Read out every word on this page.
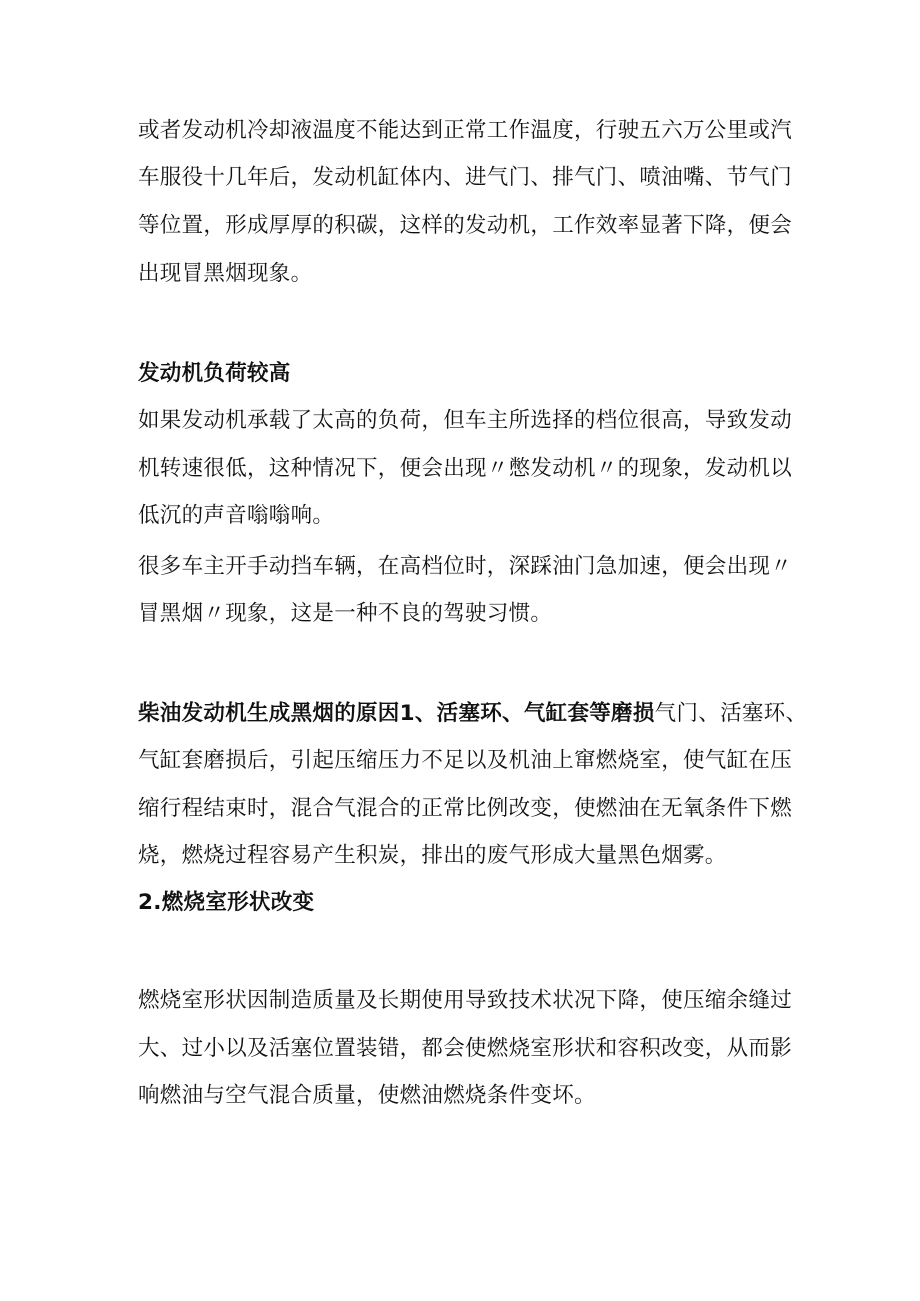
或者发动机冷却液温度不能达到正常工作温度，行驶五六万公里或汽
车服役十几年后，发动机缸体内、进气门、排气门、喷油嘴、节气门
等位置，形成厚厚的积碳，这样的发动机，工作效率显著下降，便会
出现冒黑烟现象。
发动机负荷较高
如果发动机承载了太高的负荷，但车主所选择的档位很高，导致发动
机转速很低，这种情况下，便会出现〃憋发动机〃的现象，发动机以
低沉的声音嗡嗡响。
很多车主开手动挡车辆，在高档位时，深踩油门急加速，便会出现〃
冒黑烟〃现象，这是一种不良的驾驶习惯。
柴油发动机生成黑烟的原因1、活塞环、气缸套等磨损气门、活塞环、
气缸套磨损后，引起压缩压力不足以及机油上窜燃烧室，使气缸在压
缩行程结束时，混合气混合的正常比例改变，使燃油在无氧条件下燃
烧，燃烧过程容易产生积炭，排出的废气形成大量黑色烟雾。
2.燃烧室形状改变
燃烧室形状因制造质量及长期使用导致技术状况下降，使压缩余缝过
大、过小以及活塞位置装错，都会使燃烧室形状和容积改变，从而影
响燃油与空气混合质量，使燃油燃烧条件变坏。
